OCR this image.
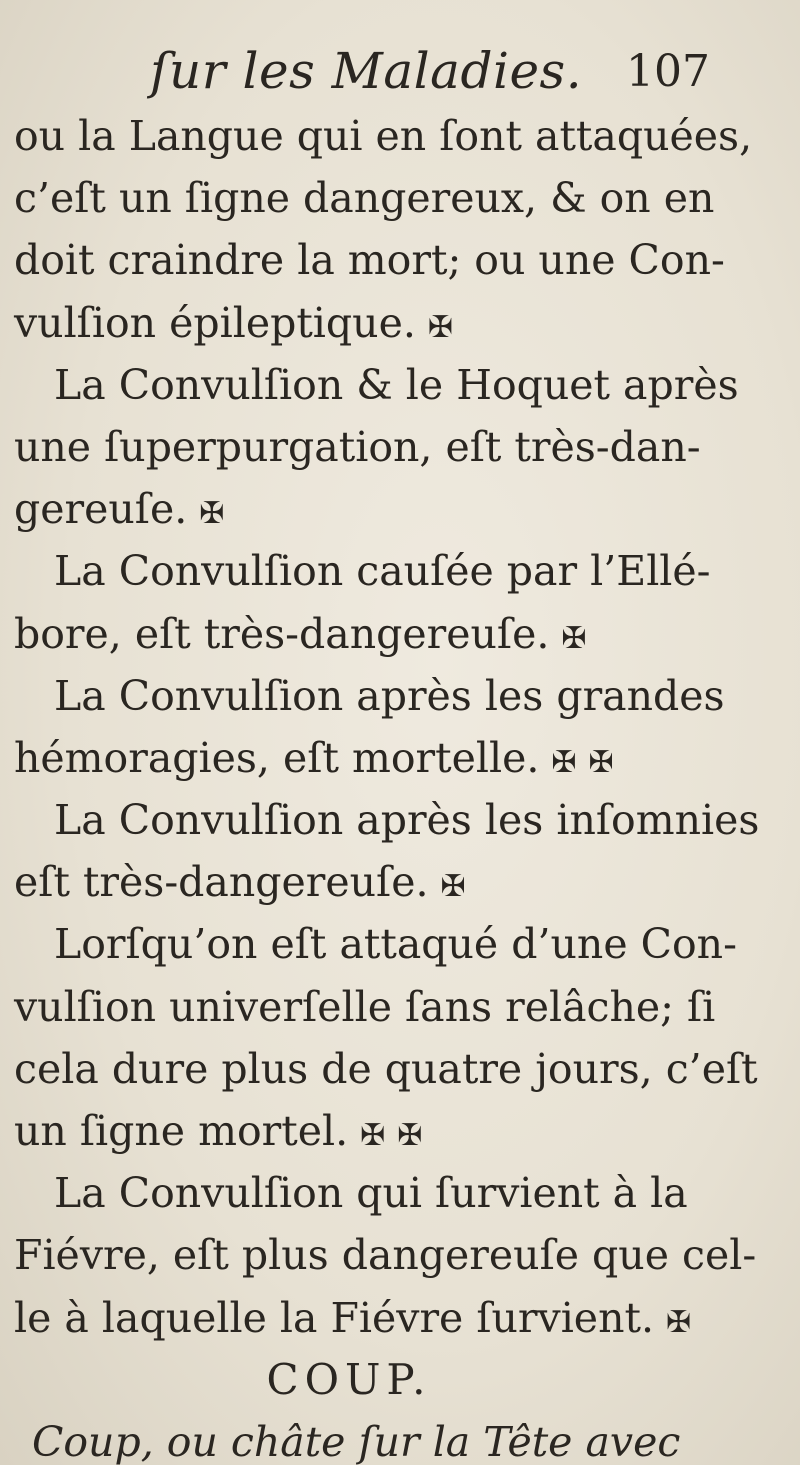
ſur les Maladies. 107
ou la Langue qui en ſont attaquées,
c’eſt un ſigne dangereux, & on en
doit craindre la mort; ou une Con-
vulſion épileptique. ✠
La Convulſion & le Hoquet après
une ſuperpurgation, eſt très-dan-
gereuſe. ✠
La Convulſion cauſée par l’Ellé-
bore, eſt très-dangereuſe. ✠
La Convulſion après les grandes
hémoragies, eſt mortelle. ✠ ✠
La Convulſion après les inſomnies
eſt très-dangereuſe. ✠
Lorſqu’on eſt attaqué d’une Con-
vulſion univerſelle ſans relâche; ſi
cela dure plus de quatre jours, c’eſt
un ſigne mortel. ✠ ✠
La Convulſion qui ſurvient à la
Fiévre, eſt plus dangereuſe que cel-
le à laquelle la Fiévre ſurvient. ✠
COUP.
Coup, ou châte ſur la Tête avec
